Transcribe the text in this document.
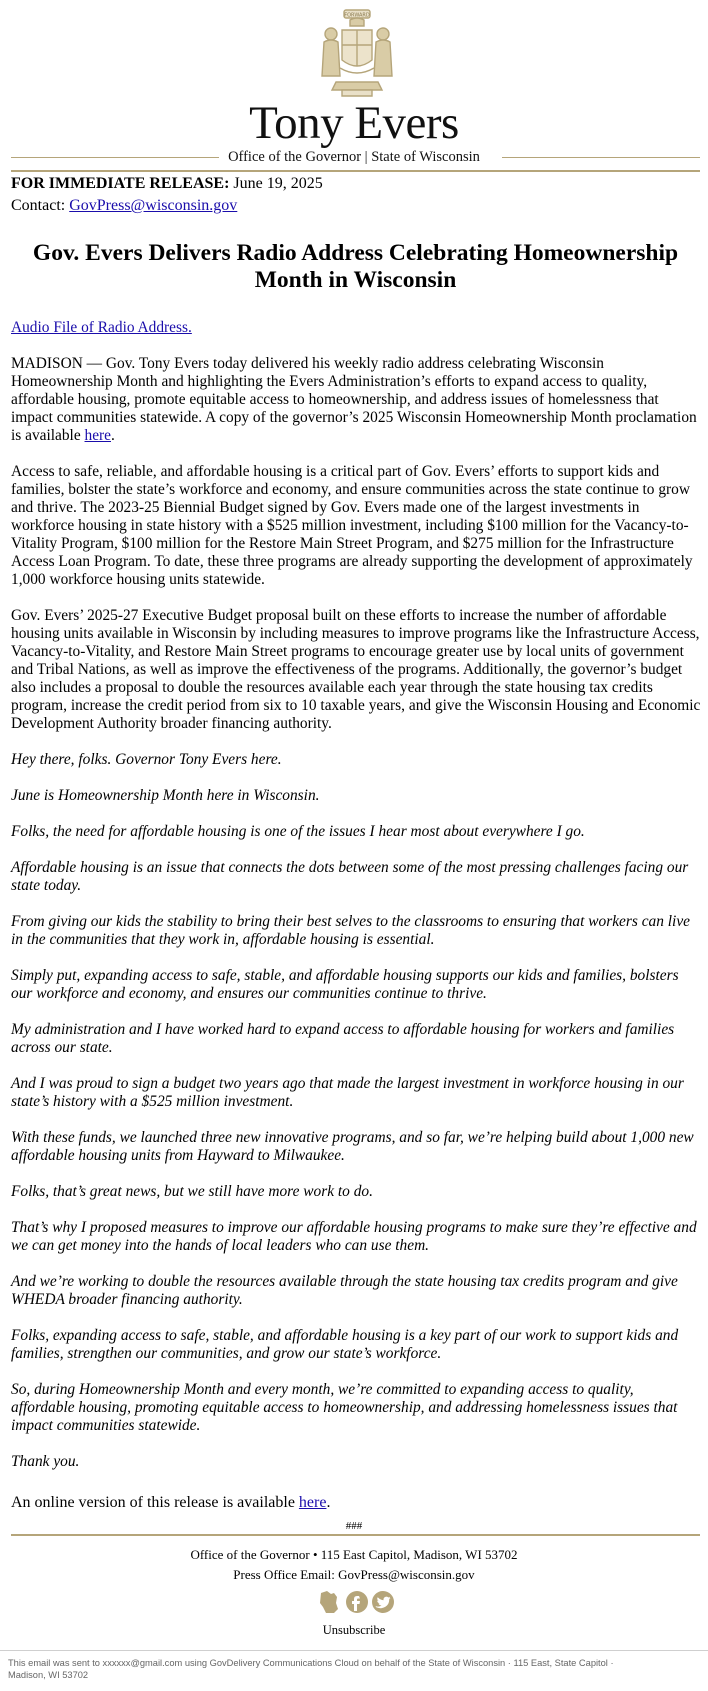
FORWARD
Tony Evers
Office of the Governor | State of Wisconsin
FOR IMMEDIATE RELEASE: June 19, 2025
Contact: GovPress@wisconsin.gov
Gov. Evers Delivers Radio Address Celebrating Homeownership Month in Wisconsin

Audio File of Radio Address.

MADISON — Gov. Tony Evers today delivered his weekly radio address celebrating Wisconsin Homeownership Month and highlighting the Evers Administration’s efforts to expand access to quality, affordable housing, promote equitable access to homeownership, and address issues of homelessness that impact communities statewide. A copy of the governor’s 2025 Wisconsin Homeownership Month proclamation is available here.

Access to safe, reliable, and affordable housing is a critical part of Gov. Evers’ efforts to support kids and families, bolster the state’s workforce and economy, and ensure communities across the state continue to grow and thrive. The 2023-25 Biennial Budget signed by Gov. Evers made one of the largest investments in workforce housing in state history with a $525 million investment, including $100 million for the Vacancy-to-Vitality Program, $100 million for the Restore Main Street Program, and $275 million for the Infrastructure Access Loan Program. To date, these three programs are already supporting the development of approximately 1,000 workforce housing units statewide.

Gov. Evers’ 2025-27 Executive Budget proposal built on these efforts to increase the number of affordable housing units available in Wisconsin by including measures to improve programs like the Infrastructure Access, Vacancy-to-Vitality, and Restore Main Street programs to encourage greater use by local units of government and Tribal Nations, as well as improve the effectiveness of the programs. Additionally, the governor’s budget also includes a proposal to double the resources available each year through the state housing tax credits program, increase the credit period from six to 10 taxable years, and give the Wisconsin Housing and Economic Development Authority broader financing authority.

Hey there, folks. Governor Tony Evers here.

June is Homeownership Month here in Wisconsin.

Folks, the need for affordable housing is one of the issues I hear most about everywhere I go.

Affordable housing is an issue that connects the dots between some of the most pressing challenges facing our state today.

From giving our kids the stability to bring their best selves to the classrooms to ensuring that workers can live in the communities that they work in, affordable housing is essential.

Simply put, expanding access to safe, stable, and affordable housing supports our kids and families, bolsters our workforce and economy, and ensures our communities continue to thrive.

My administration and I have worked hard to expand access to affordable housing for workers and families across our state.

And I was proud to sign a budget two years ago that made the largest investment in workforce housing in our state’s history with a $525 million investment.

With these funds, we launched three new innovative programs, and so far, we’re helping build about 1,000 new affordable housing units from Hayward to Milwaukee.

Folks, that’s great news, but we still have more work to do.

That’s why I proposed measures to improve our affordable housing programs to make sure they’re effective and we can get money into the hands of local leaders who can use them.

And we’re working to double the resources available through the state housing tax credits program and give WHEDA broader financing authority.

Folks, expanding access to safe, stable, and affordable housing is a key part of our work to support kids and families, strengthen our communities, and grow our state’s workforce.

So, during Homeownership Month and every month, we’re committed to expanding access to quality, affordable housing, promoting equitable access to homeownership, and addressing homelessness issues that impact communities statewide.

Thank you.

An online version of this release is available here.

###
Office of the Governor • 115 East Capitol, Madison, WI 53702
Press Office Email: GovPress@wisconsin.gov
Unsubscribe
This email was sent to xxxxxx@gmail.com using GovDelivery Communications Cloud on behalf of the State of Wisconsin · 115 East, State Capitol · Madison, WI 53702
